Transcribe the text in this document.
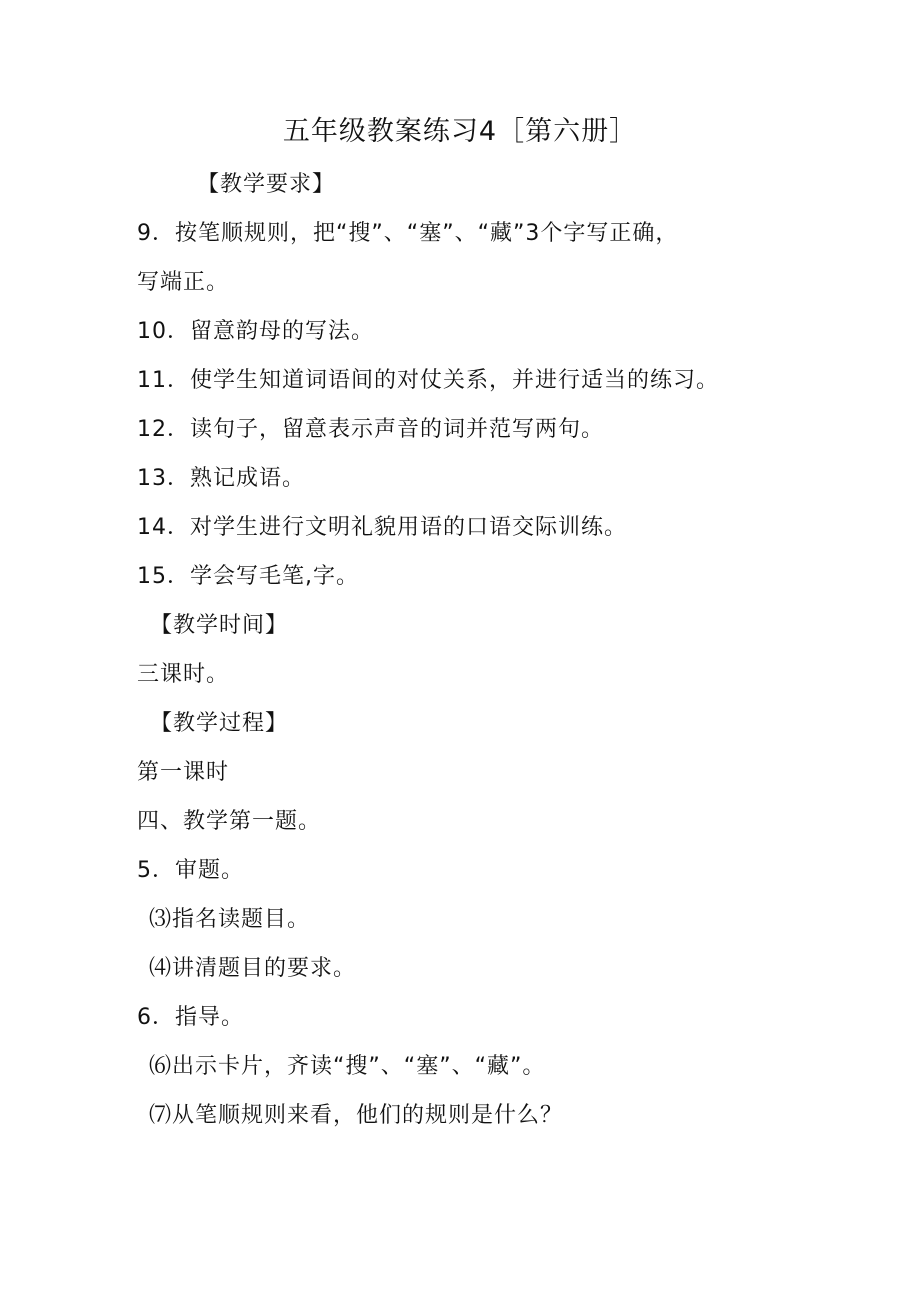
五年级教案练习4［第六册］
【教学要求】
9．按笔顺规则，把“搜”、“塞”、“藏”3个字写正确，
写端正。
10．留意韵母的写法。
11．使学生知道词语间的对仗关系，并进行适当的练习。
12．读句子，留意表示声音的词并范写两句。
13．熟记成语。
14．对学生进行文明礼貌用语的口语交际训练。
15．学会写毛笔,字。
【教学时间】
三课时。
【教学过程】
第一课时
四、教学第一题。
5．审题。
⑶指名读题目。
⑷讲清题目的要求。
6．指导。
⑹出示卡片，齐读“搜”、“塞”、“藏”。
⑺从笔顺规则来看，他们的规则是什么？
